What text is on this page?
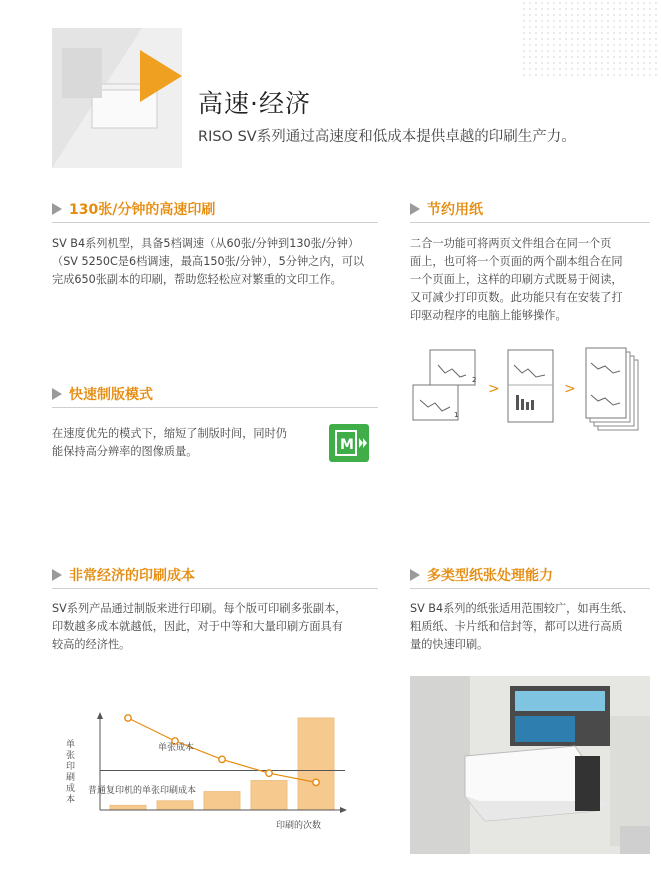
高速·经济
RISO SV系列通过高速度和低成本提供卓越的印刷生产力。
130张/分钟的高速印刷
SV B4系列机型，具备5档调速（从60张/分钟到130张/分钟）
（SV 5250C是6档调速，最高150张/分钟），5分钟之内，可以
完成650张副本的印刷，帮助您轻松应对繁重的文印工作。
节约用纸
二合一功能可将两页文件组合在同一个页
面上，也可将一个页面的两个副本组合在同
一个页面上，这样的印刷方式既易于阅读，
又可减少打印页数。此功能只有在安装了打
印驱动程序的电脑上能够操作。
2
1
>	>
快速制版模式
在速度优先的模式下，缩短了制版时间，同时仍
能保持高分辨率的图像质量。	M
非常经济的印刷成本
SV系列产品通过制版来进行印刷。每个版可印刷多张副本，
印数越多成本就越低，因此，对于中等和大量印刷方面具有
较高的经济性。
多类型纸张处理能力
SV B4系列的纸张适用范围较广，如再生纸、
粗质纸、卡片纸和信封等，都可以进行高质
量的快速印刷。
单张印刷成本
印刷的次数
单张成本
普通复印机的单张印刷成本
